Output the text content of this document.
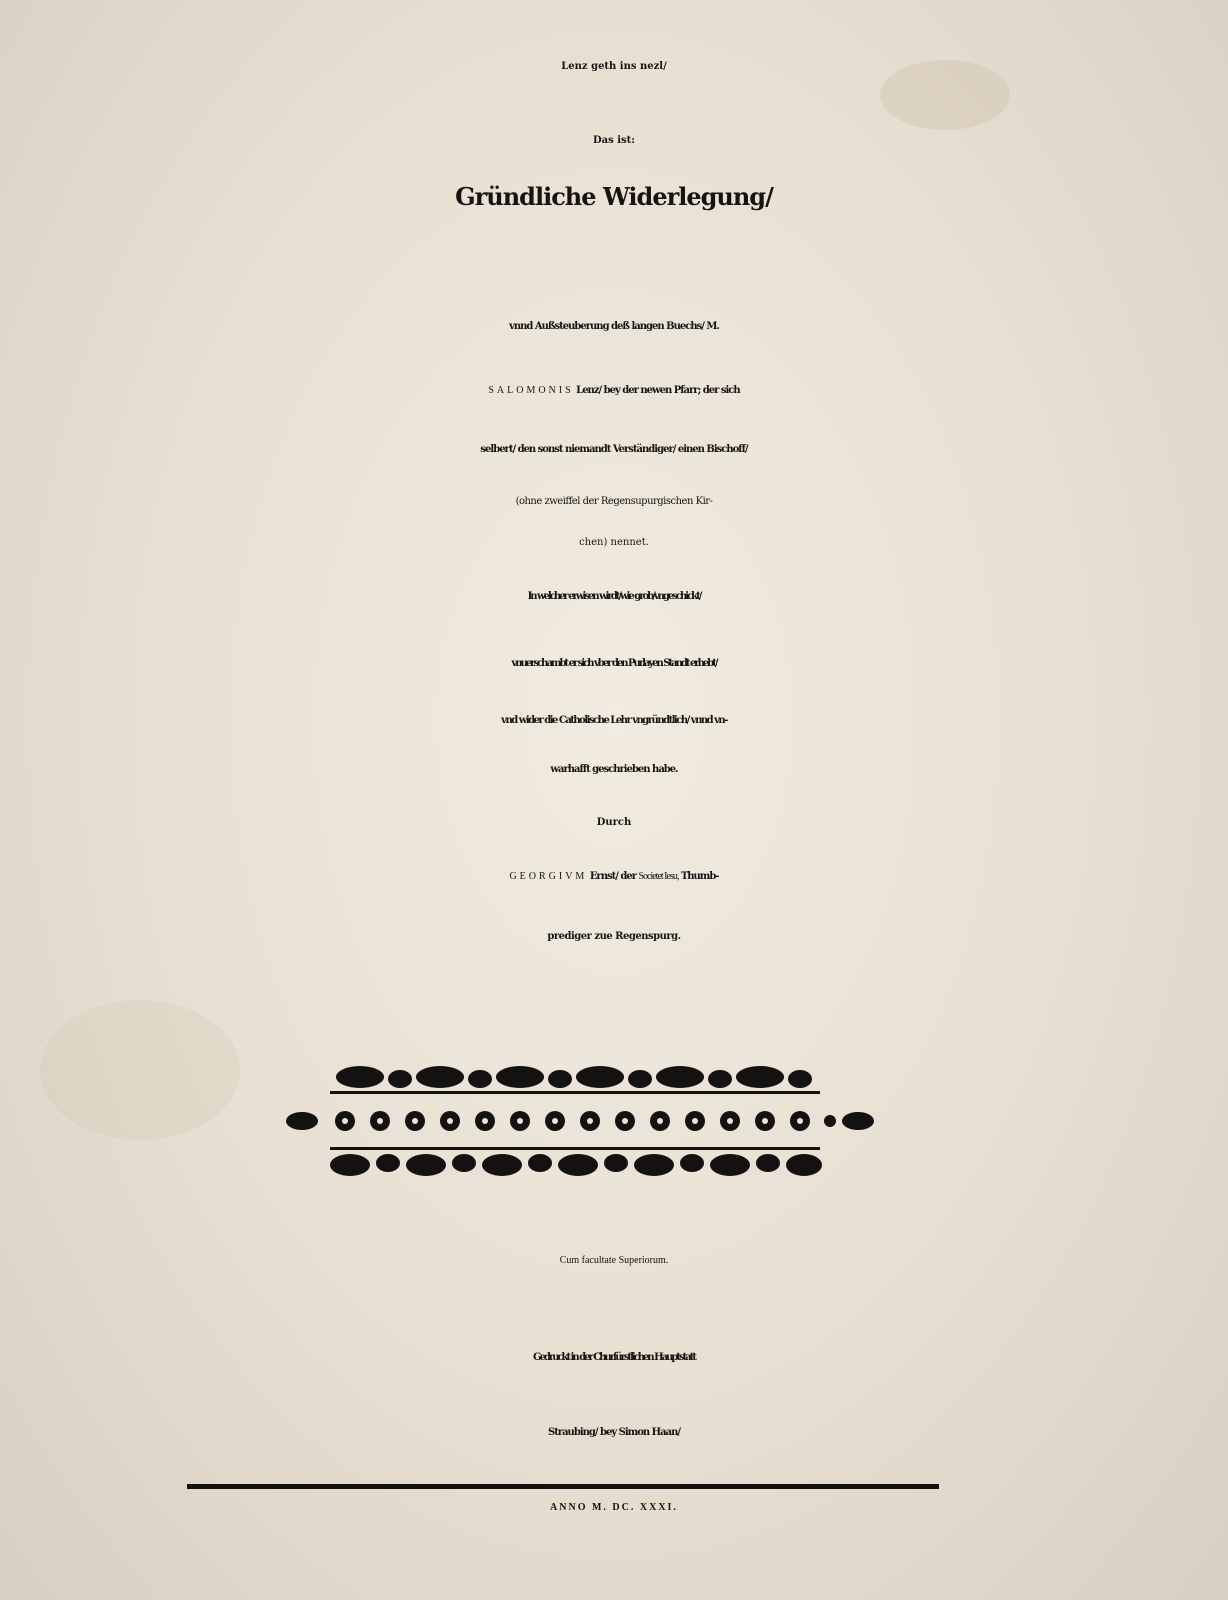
Lenz geth ins nezl/
Das ist:
Gründliche Widerlegung/
vnnd Außsteuberung deß langen Buechs/ M.
SALOMONIS Lenz/ bey der newen Pfarr; der sich
selbert/ den sonst niemandt Verständiger/ einen Bischoff/
(ohne zweiffel der Regensupurgischen Kir-
chen) nennet.
In welcher erwisen wirdt/wie grob/vngeschickt/
vnuerschambt er sich vber den Purlayen Standt erhebt/
vnd wider die Catholische Lehr vngründtlich/ vnnd vn-
warhafft geschrieben habe.
Durch
GEORGIVM Ernst/ der Societet Iesu, Thumb-
prediger zue Regenspurg.
Cum facultate Superiorum.
Gedruckt in der Churfürstlichen Hauptstatt
Straubing/ bey Simon Haan/
ANNO M. DC. XXXI.
